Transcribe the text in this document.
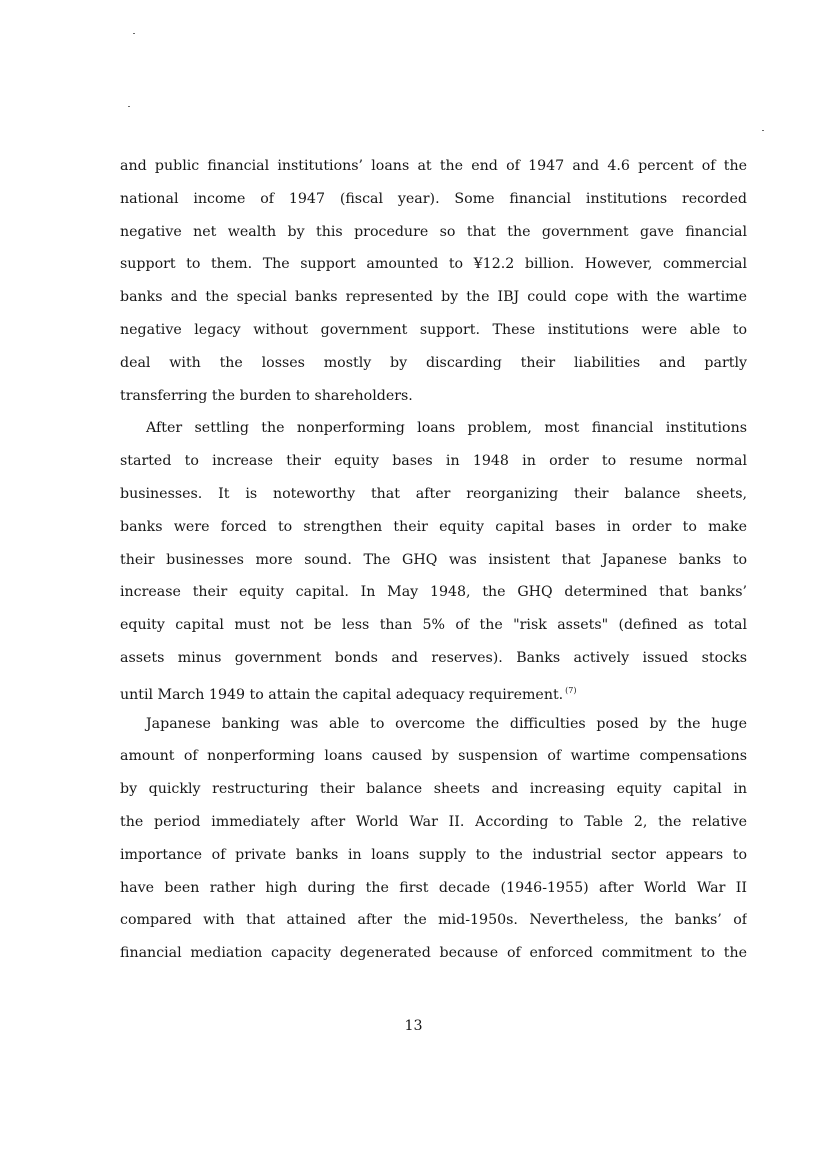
and public financial institutions’ loans at the end of 1947 and 4.6 percent of the
national income of 1947 (fiscal year). Some financial institutions recorded
negative net wealth by this procedure so that the government gave financial
support to them. The support amounted to ¥12.2 billion. However, commercial
banks and the special banks represented by the IBJ could cope with the wartime
negative legacy without government support. These institutions were able to
deal with the losses mostly by discarding their liabilities and partly
transferring the burden to shareholders.
After settling the nonperforming loans problem, most financial institutions
started to increase their equity bases in 1948 in order to resume normal
businesses. It is noteworthy that after reorganizing their balance sheets,
banks were forced to strengthen their equity capital bases in order to make
their businesses more sound. The GHQ was insistent that Japanese banks to
increase their equity capital. In May 1948, the GHQ determined that banks’
equity capital must not be less than 5% of the "risk assets" (defined as total
assets minus government bonds and reserves). Banks actively issued stocks
until March 1949 to attain the capital adequacy requirement. $^{(7)}$
Japanese banking was able to overcome the difficulties posed by the huge
amount of nonperforming loans caused by suspension of wartime compensations
by quickly restructuring their balance sheets and increasing equity capital in
the period immediately after World War II. According to Table 2, the relative
importance of private banks in loans supply to the industrial sector appears to
have been rather high during the first decade (1946-1955) after World War II
compared with that attained after the mid-1950s. Nevertheless, the banks’ of
financial mediation capacity degenerated because of enforced commitment to the
13
